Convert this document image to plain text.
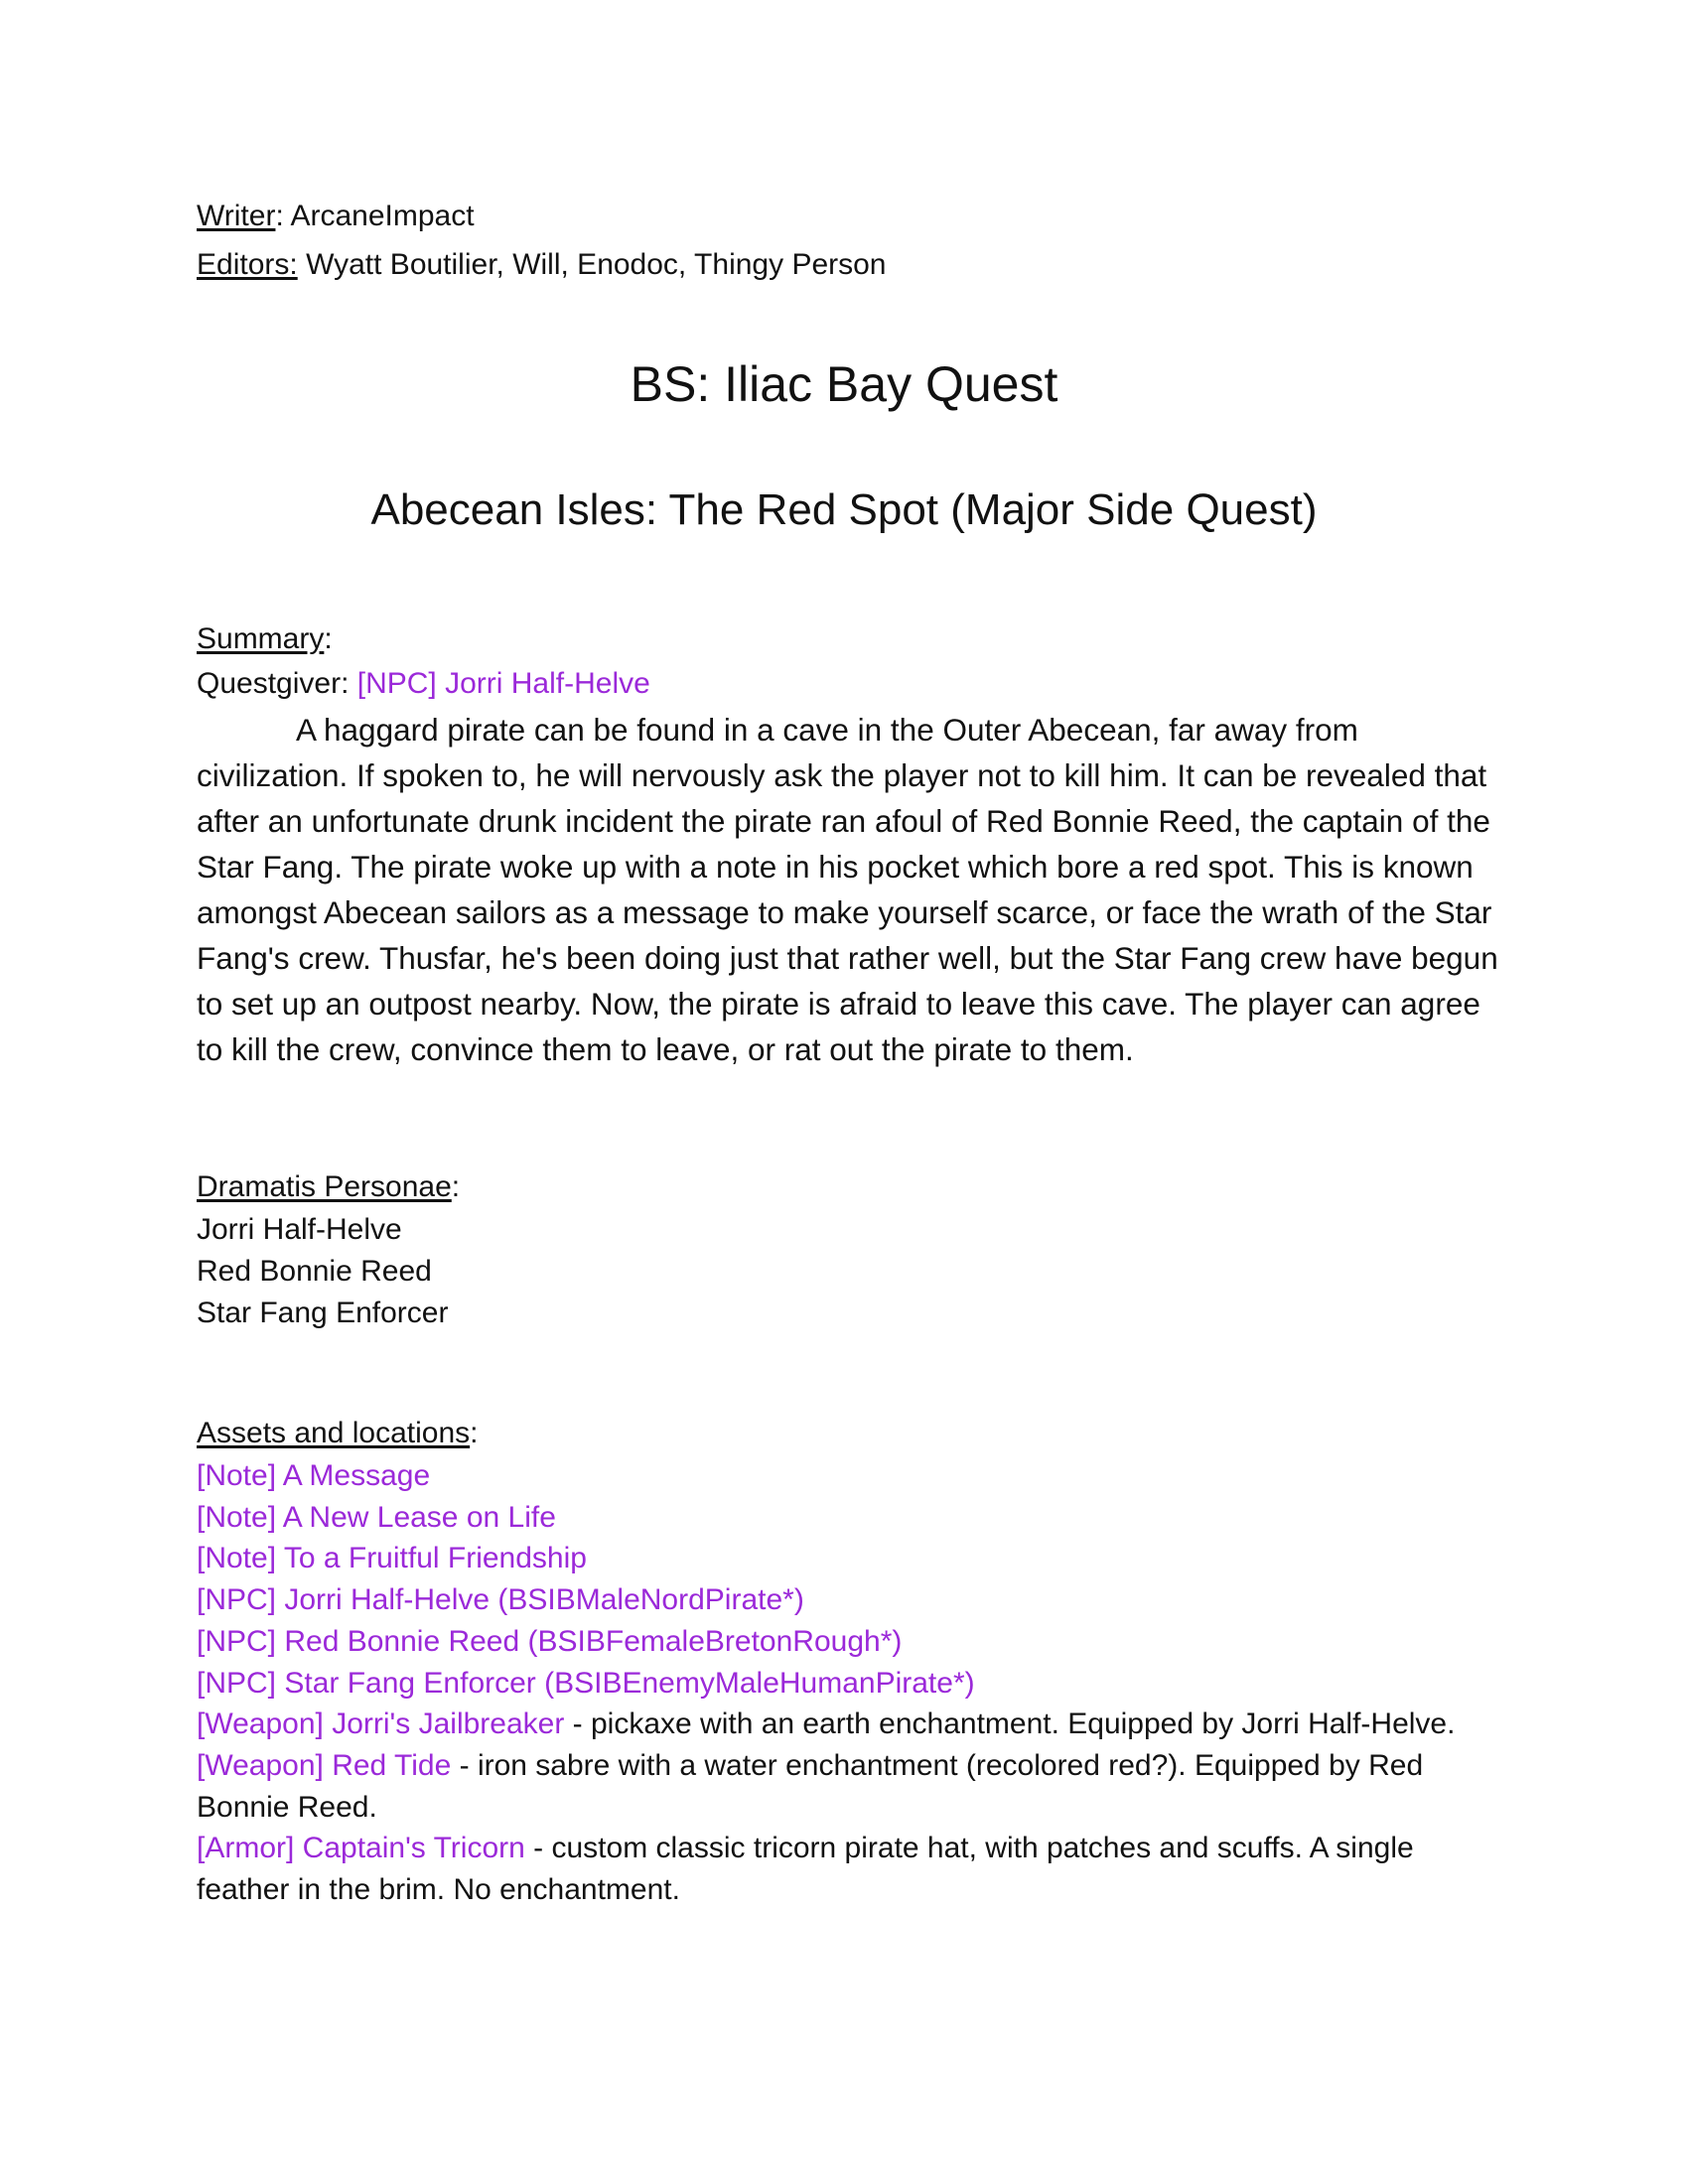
Writer: ArcaneImpact
Editors: Wyatt Boutilier, Will, Enodoc, Thingy Person
BS: Iliac Bay Quest
Abecean Isles: The Red Spot (Major Side Quest)
Summary:
Questgiver: [NPC] Jorri Half-Helve

A haggard pirate can be found in a cave in the Outer Abecean, far away from civilization. If spoken to, he will nervously ask the player not to kill him. It can be revealed that after an unfortunate drunk incident the pirate ran afoul of Red Bonnie Reed, the captain of the Star Fang. The pirate woke up with a note in his pocket which bore a red spot. This is known amongst Abecean sailors as a message to make yourself scarce, or face the wrath of the Star Fang's crew. Thusfar, he's been doing just that rather well, but the Star Fang crew have begun to set up an outpost nearby. Now, the pirate is afraid to leave this cave. The player can agree to kill the crew, convince them to leave, or rat out the pirate to them.

Dramatis Personae:
Jorri Half-Helve
Red Bonnie Reed
Star Fang Enforcer
Assets and locations:
[Note] A Message
[Note] A New Lease on Life
[Note] To a Fruitful Friendship
[NPC] Jorri Half-Helve (BSIBMaleNordPirate*)
[NPC] Red Bonnie Reed (BSIBFemaleBretonRough*)
[NPC] Star Fang Enforcer (BSIBEnemyMaleHumanPirate*)
[Weapon] Jorri's Jailbreaker - pickaxe with an earth enchantment. Equipped by Jorri Half-Helve.
[Weapon] Red Tide - iron sabre with a water enchantment (recolored red?). Equipped by Red Bonnie Reed.
[Armor] Captain's Tricorn - custom classic tricorn pirate hat, with patches and scuffs. A single feather in the brim. No enchantment.
